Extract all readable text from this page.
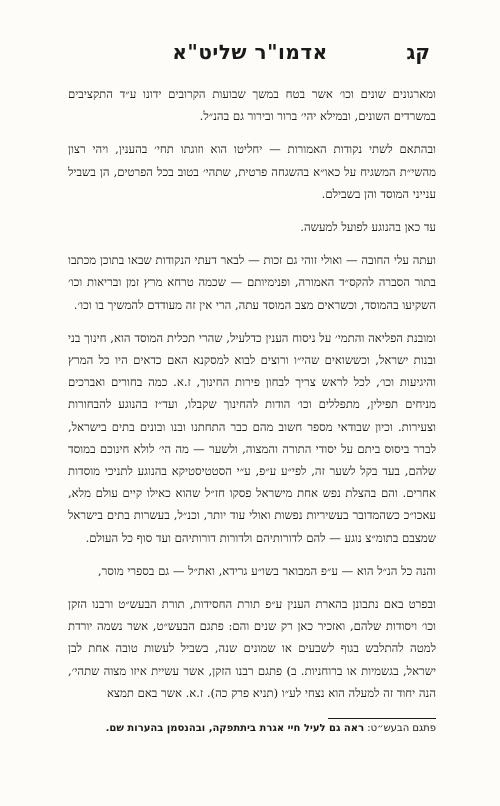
אדמו"ר שליט"א	קג

ומארגונים שונים וכו׳ אשר בטח במשך שבועות הקרובים ידונו ע״ד התקציבים במשרדים השונים, ובמילא יהי׳ ברור ובירור גם בהנ״ל.

ובהתאם לשתי נקודות האמורות — יחליטו הוא וזוגתו תחי׳ בהענין, ויהי רצון מהשי״ת המשגיח על כאו״א בהשגחה פרטית, שתהי׳ בטוב בכל הפרטים, הן בשביל ענייני המוסד והן בשבילם.

עד כאן בהנוגע לפועל למעשה.

ועתה עלי החובה — ואולי זוהי גם זכות — לבאר דעתי הנקודות שבאו בתוכן מכתבו בתור הסברה להקס״ד האמורה, ופנימיותם — שכמה טרחא מרץ זמן ובריאות וכו׳ השקיעו בהמוסד, וכשראים מצב המוסד עתה, הרי אין זה מעודדם להמשיך בו וכו׳.

ומובנת הפליאה והתמי׳ על ניסוח הענין כדלעיל, שהרי תכלית המוסד הוא, חינוך בני ובנות ישראל, וכששואים שהי״ו ורוצים לבוא למסקנא האם כדאים היו כל המרץ והיגיעות וכו׳, לכל לראש צריך לבחון פירות החינוך, ז.א. כמה בחורים ואברכים מניחים תפילין, מתפללים וכו׳ הודות להחינוך שקבלו, ועד״ז בהנוגע להבחורות וצעירות. וכיון שבודאי מספר חשוב מהם כבר התחתנו ובנו ובונים בתים בישראל, לברר ביסוס ביתם על יסודי התורה והמצוה, ולשער — מה הי׳ לולא חינוכם במוסד שלהם, בעד בקל לשער זה, לפי״ע ע״פ, ע״י הסטטיסטיקא בהנוגע לתניכי מוסדות אחרים. והם בהצלת נפש אחת מישראל פסקו חז״ל שהוא כאילו קיים עולם מלא, עאכו״כ כשהמדובר בעשיריות נפשות ואולי עוד יותר, וכנ״ל, בעשרות בתים בישראל שמצבם בתומ״צ נוגע — להם לדורותיהם ולדורות דורותיהם ועד סוף כל העולם.

והנה כל הנ״ל הוא — ע״פ המבואר בשו״ע גרידא, ואת״ל — גם בספרי מוסר,

ובפרט באם נתבונן בהארת הענין ע״פ תורת החסידות, תורת הבעש״ט ורבנו הזקן וכו׳ ויסודות שלהם, ואזכיר כאן רק שנים והם: פתגם הבעש״ט, אשר נשמה יורדת למטה להתלבש בגוף לשבעים או שמונים שנה, בשביל לעשות טובה אחת לבן ישראל, בגשמיות או ברוחניות. ב) פתגם רבנו הזקן, אשר עשיית איזו מצוה שתהי׳, הנה יחוד זה למעלה הוא נצחי לע״ו (תניא פרק כה). ז.א. אשר באם תמצא

פתגם הבעש״ט: ראה גם לעיל חיי אגרת ביתתפקה, ובהנסמן בהערות שם.
